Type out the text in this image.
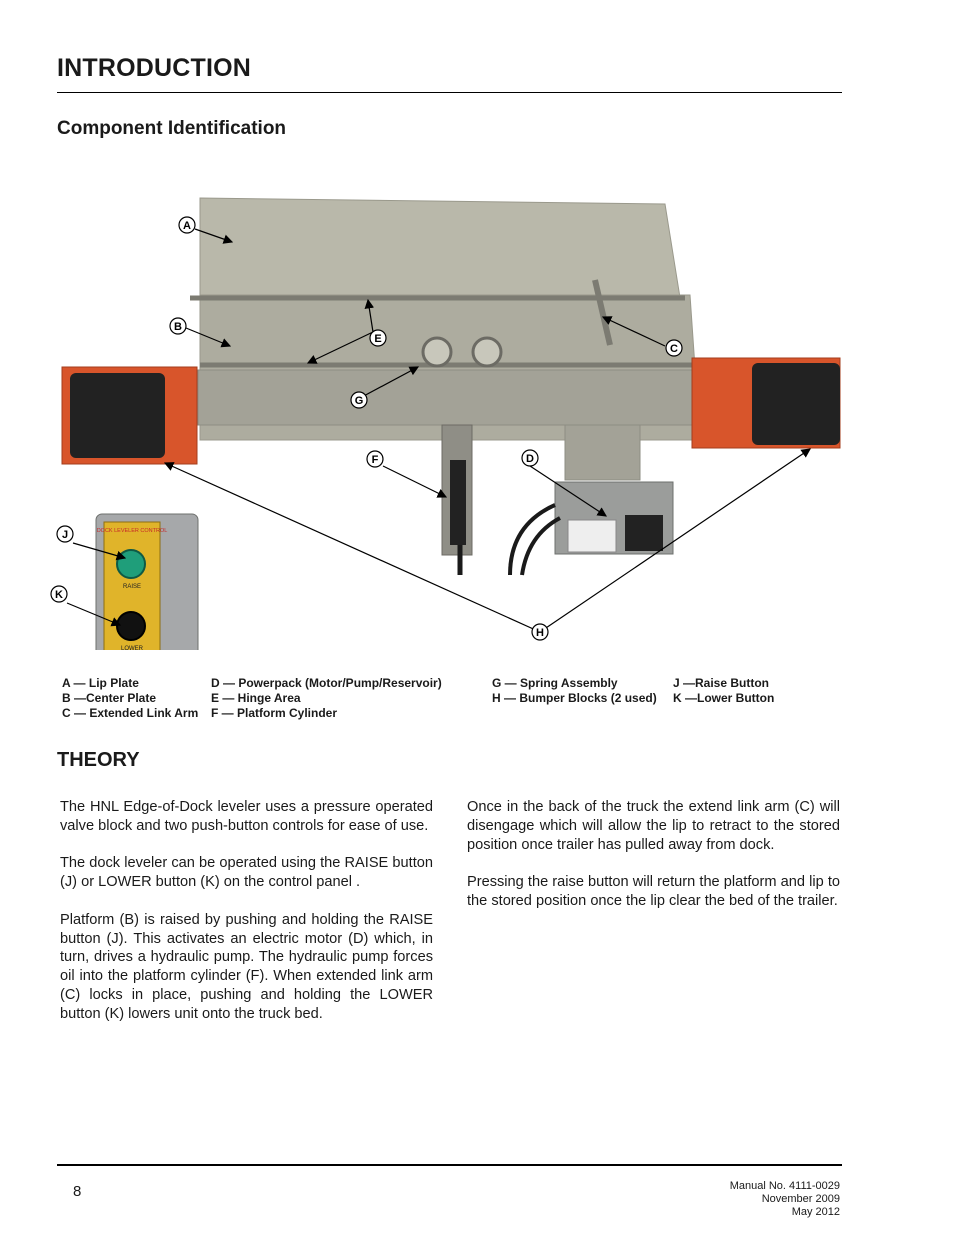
INTRODUCTION
Component Identification
DOCK LEVELER CONTROL
RAISE
LOWER
A
B
C
D
E
F
G
H
J
K
A — Lip Plate
B —Center Plate
C — Extended Link Arm
D — Powerpack (Motor/Pump/Reservoir)
E — Hinge Area
F — Platform Cylinder
G — Spring Assembly
H — Bumper Blocks (2 used)
J —Raise Button
K —Lower Button
THEORY

The HNL Edge-of-Dock leveler uses a pressure operated valve block and two push-button controls for ease of use.

The dock leveler can be operated using the RAISE button (J) or LOWER button (K) on the control panel .

Platform (B) is raised by pushing and holding the RAISE button (J). This activates an electric motor (D) which, in turn, drives a hydraulic pump. The hydraulic pump forces oil into the platform cylinder (F). When extended link arm (C) locks in place, pushing and holding the LOWER button (K) lowers unit onto the truck bed.

Once in the back of the truck the extend link arm (C) will disengage which will allow the lip to retract to the stored position once trailer has pulled away from dock.

Pressing the raise button will return the platform and lip to the stored position once the lip clear the bed of the trailer.

8	Manual No. 4111-0029
November 2009
May 2012
